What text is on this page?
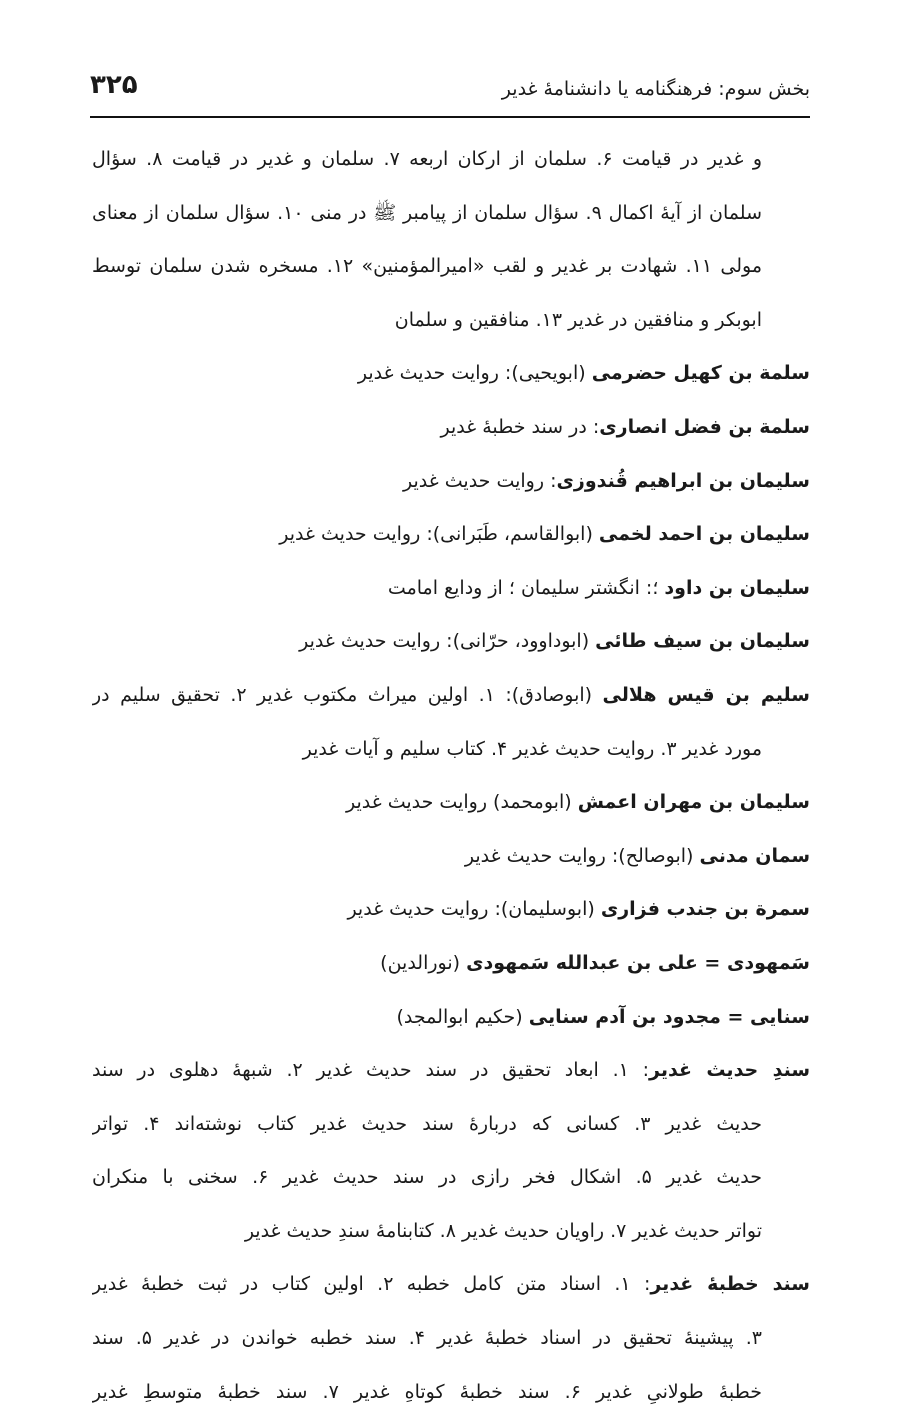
بخش سوم: فرهنگنامه یا دانشنامهٔ غدیر
۳۲۵
و غدیر در قیامت ۶. سلمان از ارکان اربعه ۷. سلمان و غدیر در قیامت ۸. سؤال
سلمان از آیهٔ اکمال ۹. سؤال سلمان از پیامبر ﷺ در منی ۱۰. سؤال سلمان از معنای
مولی ۱۱. شهادت بر غدیر و لقب «امیرالمؤمنین» ۱۲. مسخره شدن سلمان توسط
ابوبکر و منافقین در غدیر ۱۳. منافقین و سلمان
سلمة بن کهیل حضرمی (ابویحیی): روایت حدیث غدیر
سلمة بن فضل انصاری: در سند خطبهٔ غدیر
سلیمان بن ابراهیم قُندوزی: روایت حدیث غدیر
سلیمان بن احمد لخمی (ابوالقاسم، طَبَرانی): روایت حدیث غدیر
سلیمان بن داود ؛: انگشتر سلیمان ؛ از ودایع امامت
سلیمان بن سیف طائی (ابوداوود، حرّانی): روایت حدیث غدیر
سلیم بن قیس هلالی (ابوصادق): ۱. اولین میراث مکتوب غدیر ۲. تحقیق سلیم در
مورد غدیر ۳. روایت حدیث غدیر ۴. کتاب سلیم و آیات غدیر
سلیمان بن مهران اعمش (ابومحمد) روایت حدیث غدیر
سمان مدنی (ابوصالح): روایت حدیث غدیر
سمرة بن جندب فزاری (ابوسلیمان): روایت حدیث غدیر
سَمهودی = علی بن عبدالله سَمهودی (نورالدین)
سنایی = مجدود بن آدم سنایی (حکیم ابوالمجد)
سندِ حدیث غدیر: ۱. ابعاد تحقیق در سند حدیث غدیر ۲. شبههٔ دهلوی در سند
حدیث غدیر ۳. کسانی که دربارهٔ سند حدیث غدیر کتاب نوشته‌اند ۴. تواتر
حدیث غدیر ۵. اشکال فخر رازی در سند حدیث غدیر ۶. سخنی با منکران
تواتر حدیث غدیر ۷. راویان حدیث غدیر ۸. کتابنامهٔ سندِ حدیث غدیر
سند خطبهٔ غدیر: ۱. اسناد متن کامل خطبه ۲. اولین کتاب در ثبت خطبهٔ غدیر
۳. پیشینهٔ تحقیق در اسناد خطبهٔ غدیر ۴. سند خطبه خواندن در غدیر ۵. سند
خطبهٔ طولانیِ غدیر ۶. سند خطبهٔ کوتاهِ غدیر ۷. سند خطبهٔ متوسطِ غدیر
